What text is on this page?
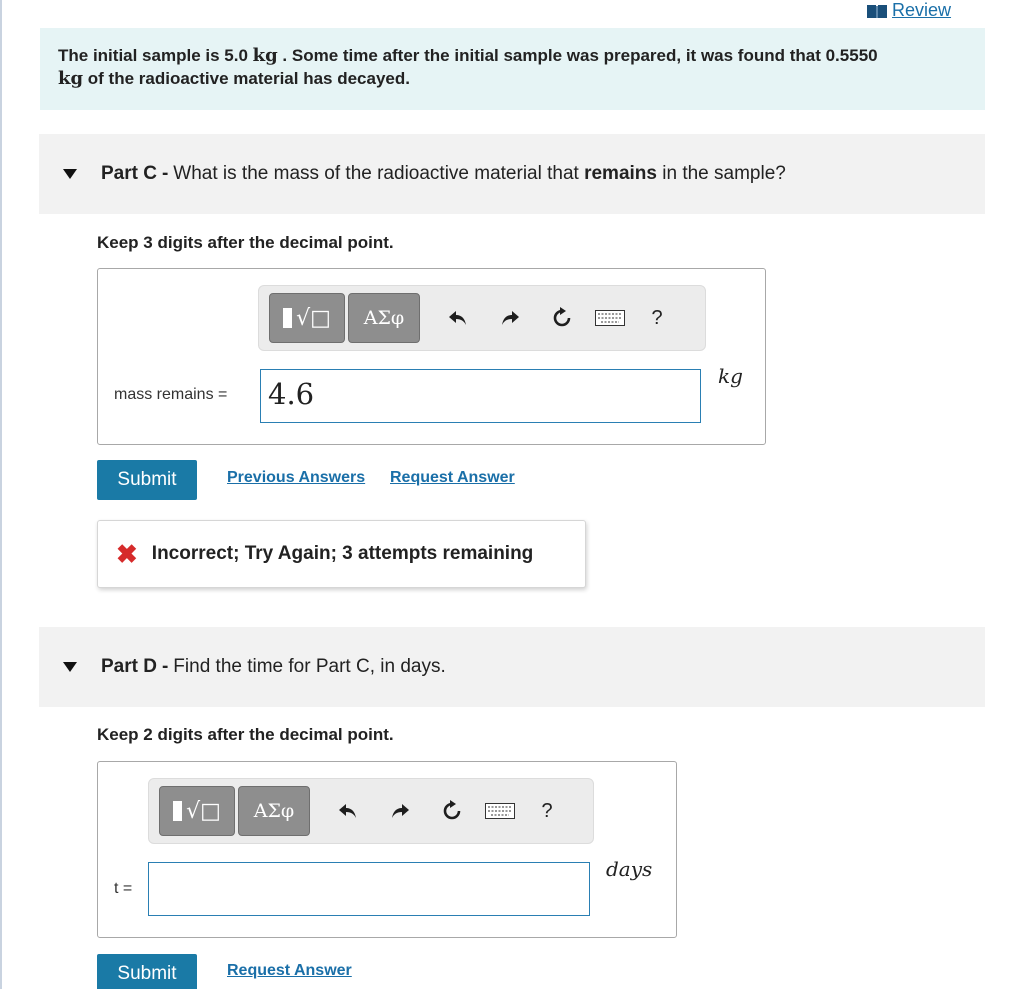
Review
The initial sample is 5.0 kg . Some time after the initial sample was prepared, it was found that 0.5550
kg of the radioactive material has decayed.
Part C - What is the mass of the radioactive material that
remains
in the sample?
Keep 3 digits after the decimal point.
√□	ΑΣφ	?
mass remains = 4.6
kg
Submit	Previous Answers Request Answer
✖ Incorrect; Try Again; 3 attempts remaining
Part D - Find the time for Part C, in days.
Keep 2 digits after the decimal point.
√□	ΑΣφ	?
t =
days
Submit	Request Answer
